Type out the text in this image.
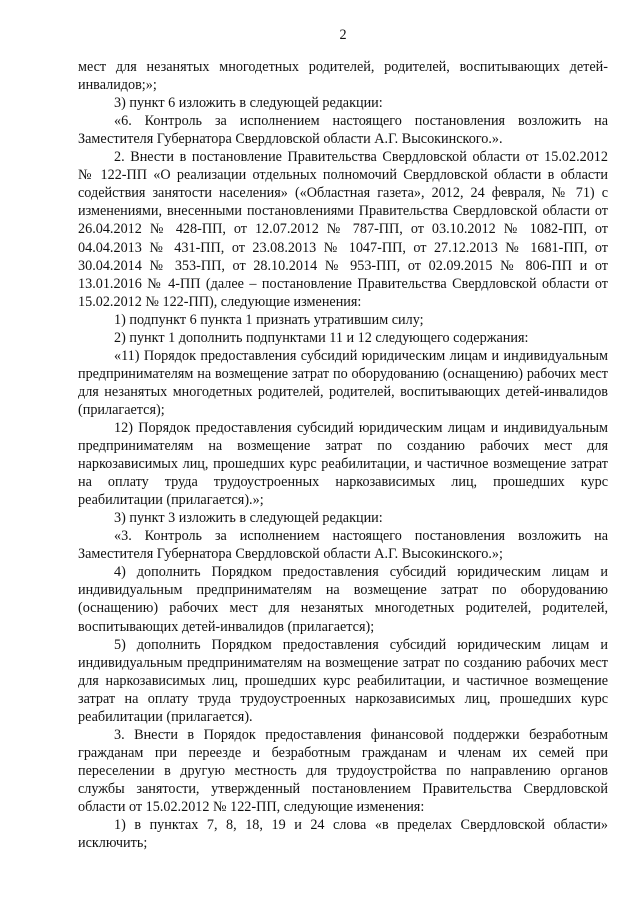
2

мест для незанятых многодетных родителей, родителей, воспитывающих детей-инвалидов;»;

3) пункт 6 изложить в следующей редакции:

«6. Контроль за исполнением настоящего постановления возложить на Заместителя Губернатора Свердловской области А.Г. Высокинского.».

2. Внести в постановление Правительства Свердловской области от 15.02.2012 № 122-ПП «О реализации отдельных полномочий Свердловской области в области содействия занятости населения» («Областная газета», 2012, 24 февраля, № 71) с изменениями, внесенными постановлениями Правительства Свердловской области от 26.04.2012 № 428-ПП, от 12.07.2012 № 787-ПП, от 03.10.2012 № 1082-ПП, от 04.04.2013 № 431-ПП, от 23.08.2013 № 1047-ПП, от 27.12.2013 № 1681-ПП, от 30.04.2014 № 353-ПП, от 28.10.2014 № 953-ПП, от 02.09.2015 № 806-ПП и от 13.01.2016 № 4-ПП (далее – постановление Правительства Свердловской области от 15.02.2012 № 122-ПП), следующие изменения:

1) подпункт 6 пункта 1 признать утратившим силу;

2) пункт 1 дополнить подпунктами 11 и 12 следующего содержания:

«11) Порядок предоставления субсидий юридическим лицам и индивидуальным предпринимателям на возмещение затрат по оборудованию (оснащению) рабочих мест для незанятых многодетных родителей, родителей, воспитывающих детей-инвалидов (прилагается);

12) Порядок предоставления субсидий юридическим лицам и индивидуальным предпринимателям на возмещение затрат по созданию рабочих мест для наркозависимых лиц, прошедших курс реабилитации, и частичное возмещение затрат на оплату труда трудоустроенных наркозависимых лиц, прошедших курс реабилитации (прилагается).»;

3) пункт 3 изложить в следующей редакции:

«3. Контроль за исполнением настоящего постановления возложить на Заместителя Губернатора Свердловской области А.Г. Высокинского.»;

4) дополнить Порядком предоставления субсидий юридическим лицам и индивидуальным предпринимателям на возмещение затрат по оборудованию (оснащению) рабочих мест для незанятых многодетных родителей, родителей, воспитывающих детей-инвалидов (прилагается);

5) дополнить Порядком предоставления субсидий юридическим лицам и индивидуальным предпринимателям на возмещение затрат по созданию рабочих мест для наркозависимых лиц, прошедших курс реабилитации, и частичное возмещение затрат на оплату труда трудоустроенных наркозависимых лиц, прошедших курс реабилитации (прилагается).

3. Внести в Порядок предоставления финансовой поддержки безработным гражданам при переезде и безработным гражданам и членам их семей при переселении в другую местность для трудоустройства по направлению органов службы занятости, утвержденный постановлением Правительства Свердловской области от 15.02.2012 № 122-ПП, следующие изменения:

1) в пунктах 7, 8, 18, 19 и 24 слова «в пределах Свердловской области» исключить;
